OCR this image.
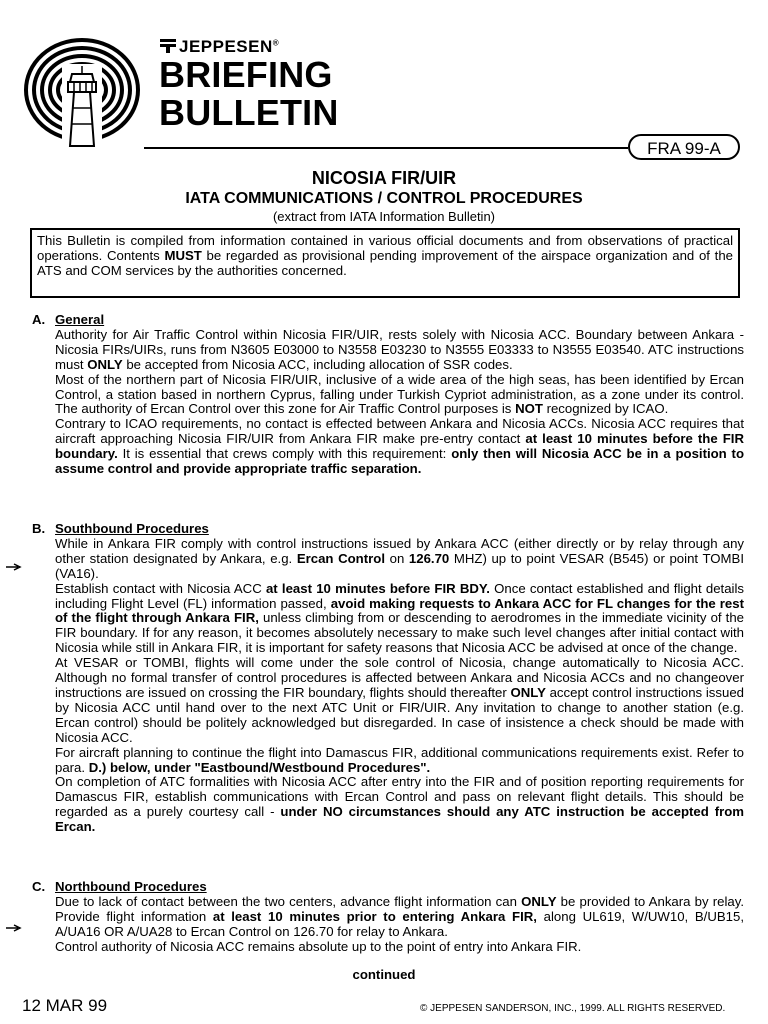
JEPPESEN®
BRIEFING
BULLETIN
FRA 99-A
NICOSIA FIR/UIR
IATA COMMUNICATIONS / CONTROL PROCEDURES
(extract from IATA Information Bulletin)
This Bulletin is compiled from information contained in various official documents and from observations of practical operations. Contents MUST be regarded as provisional pending improvement of the airspace organization and of the ATS and COM services by the authorities concerned.
A. General
Authority for Air Traffic Control within Nicosia FIR/UIR, rests solely with Nicosia ACC. Boundary between Ankara - Nicosia FIRs/UIRs, runs from N3605 E03000 to N3558 E03230 to N3555 E03333 to N3555 E03540. ATC instructions must ONLY be accepted from Nicosia ACC, including allocation of SSR codes.
Most of the northern part of Nicosia FIR/UIR, inclusive of a wide area of the high seas, has been identified by Ercan Control, a station based in northern Cyprus, falling under Turkish Cypriot administration, as a zone under its control. The authority of Ercan Control over this zone for Air Traffic Control purposes is NOT recognized by ICAO.
Contrary to ICAO requirements, no contact is effected between Ankara and Nicosia ACCs. Nicosia ACC requires that aircraft approaching Nicosia FIR/UIR from Ankara FIR make pre-entry contact at least 10 minutes before the FIR boundary. It is essential that crews comply with this requirement: only then will Nicosia ACC be in a position to assume control and provide appropriate traffic separation.
B. Southbound Procedures
While in Ankara FIR comply with control instructions issued by Ankara ACC (either directly or by relay through any other station designated by Ankara, e.g. Ercan Control on 126.70 MHZ) up to point VESAR (B545) or point TOMBI (VA16).
Establish contact with Nicosia ACC at least 10 minutes before FIR BDY. Once contact established and flight details including Flight Level (FL) information passed, avoid making requests to Ankara ACC for FL changes for the rest of the flight through Ankara FIR, unless climbing from or descending to aerodromes in the immediate vicinity of the FIR boundary. If for any reason, it becomes absolutely necessary to make such level changes after initial contact with Nicosia while still in Ankara FIR, it is important for safety reasons that Nicosia ACC be advised at once of the change.
At VESAR or TOMBI, flights will come under the sole control of Nicosia, change automatically to Nicosia ACC. Although no formal transfer of control procedures is affected between Ankara and Nicosia ACCs and no changeover instructions are issued on crossing the FIR boundary, flights should thereafter ONLY accept control instructions issued by Nicosia ACC until hand over to the next ATC Unit or FIR/UIR. Any invitation to change to another station (e.g. Ercan control) should be politely acknowledged but disregarded. In case of insistence a check should be made with Nicosia ACC.
For aircraft planning to continue the flight into Damascus FIR, additional communications requirements exist. Refer to para. D.) below, under "Eastbound/Westbound Procedures".
On completion of ATC formalities with Nicosia ACC after entry into the FIR and of position reporting requirements for Damascus FIR, establish communications with Ercan Control and pass on relevant flight details. This should be regarded as a purely courtesy call - under NO circumstances should any ATC instruction be accepted from Ercan.
C. Northbound Procedures
Due to lack of contact between the two centers, advance flight information can ONLY be provided to Ankara by relay. Provide flight information at least 10 minutes prior to entering Ankara FIR, along UL619, W/UW10, B/UB15, A/UA16 OR A/UA28 to Ercan Control on 126.70 for relay to Ankara.
Control authority of Nicosia ACC remains absolute up to the point of entry into Ankara FIR.
continued
12 MAR 99	© JEPPESEN SANDERSON, INC., 1999. ALL RIGHTS RESERVED.
